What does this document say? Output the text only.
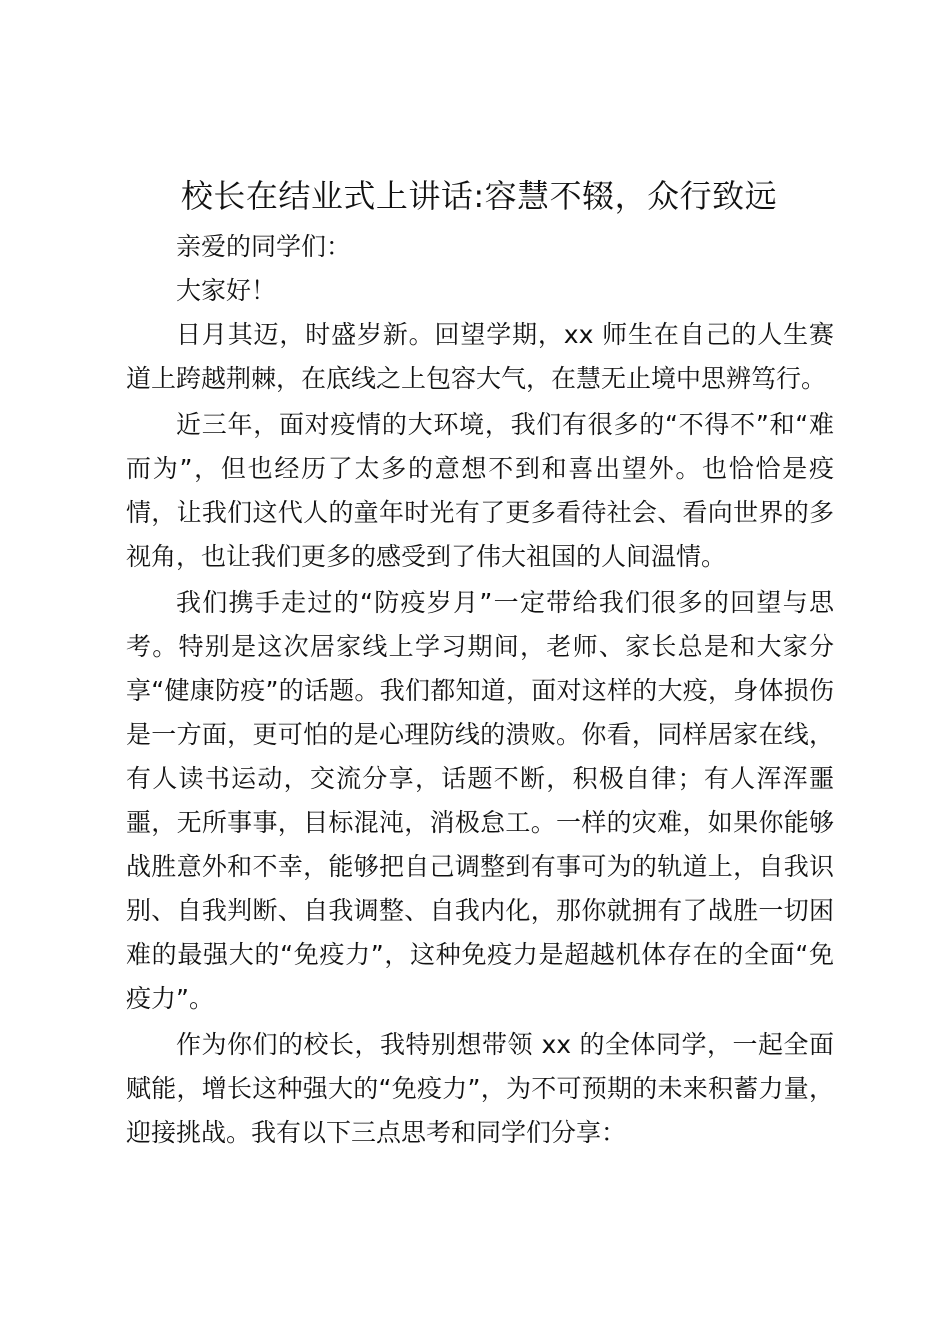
校长在结业式上讲话:容慧不辍，众行致远

亲爱的同学们：

大家好！

日月其迈，时盛岁新。回望学期，xx 师生在自己的人生赛道上跨越荆棘，在底线之上包容大气，在慧无止境中思辨笃行。

近三年，面对疫情的大环境，我们有很多的“不得不”和“难而为”，但也经历了太多的意想不到和喜出望外。也恰恰是疫情，让我们这代人的童年时光有了更多看待社会、看向世界的多视角，也让我们更多的感受到了伟大祖国的人间温情。

我们携手走过的“防疫岁月”一定带给我们很多的回望与思考。特别是这次居家线上学习期间，老师、家长总是和大家分享“健康防疫”的话题。我们都知道，面对这样的大疫，身体损伤是一方面，更可怕的是心理防线的溃败。你看，同样居家在线，有人读书运动，交流分享，话题不断，积极自律；有人浑浑噩噩，无所事事，目标混沌，消极怠工。一样的灾难，如果你能够战胜意外和不幸，能够把自己调整到有事可为的轨道上，自我识别、自我判断、自我调整、自我内化，那你就拥有了战胜一切困难的最强大的“免疫力”，这种免疫力是超越机体存在的全面“免疫力”。

作为你们的校长，我特别想带领 xx 的全体同学，一起全面赋能，增长这种强大的“免疫力”，为不可预期的未来积蓄力量，迎接挑战。我有以下三点思考和同学们分享：
